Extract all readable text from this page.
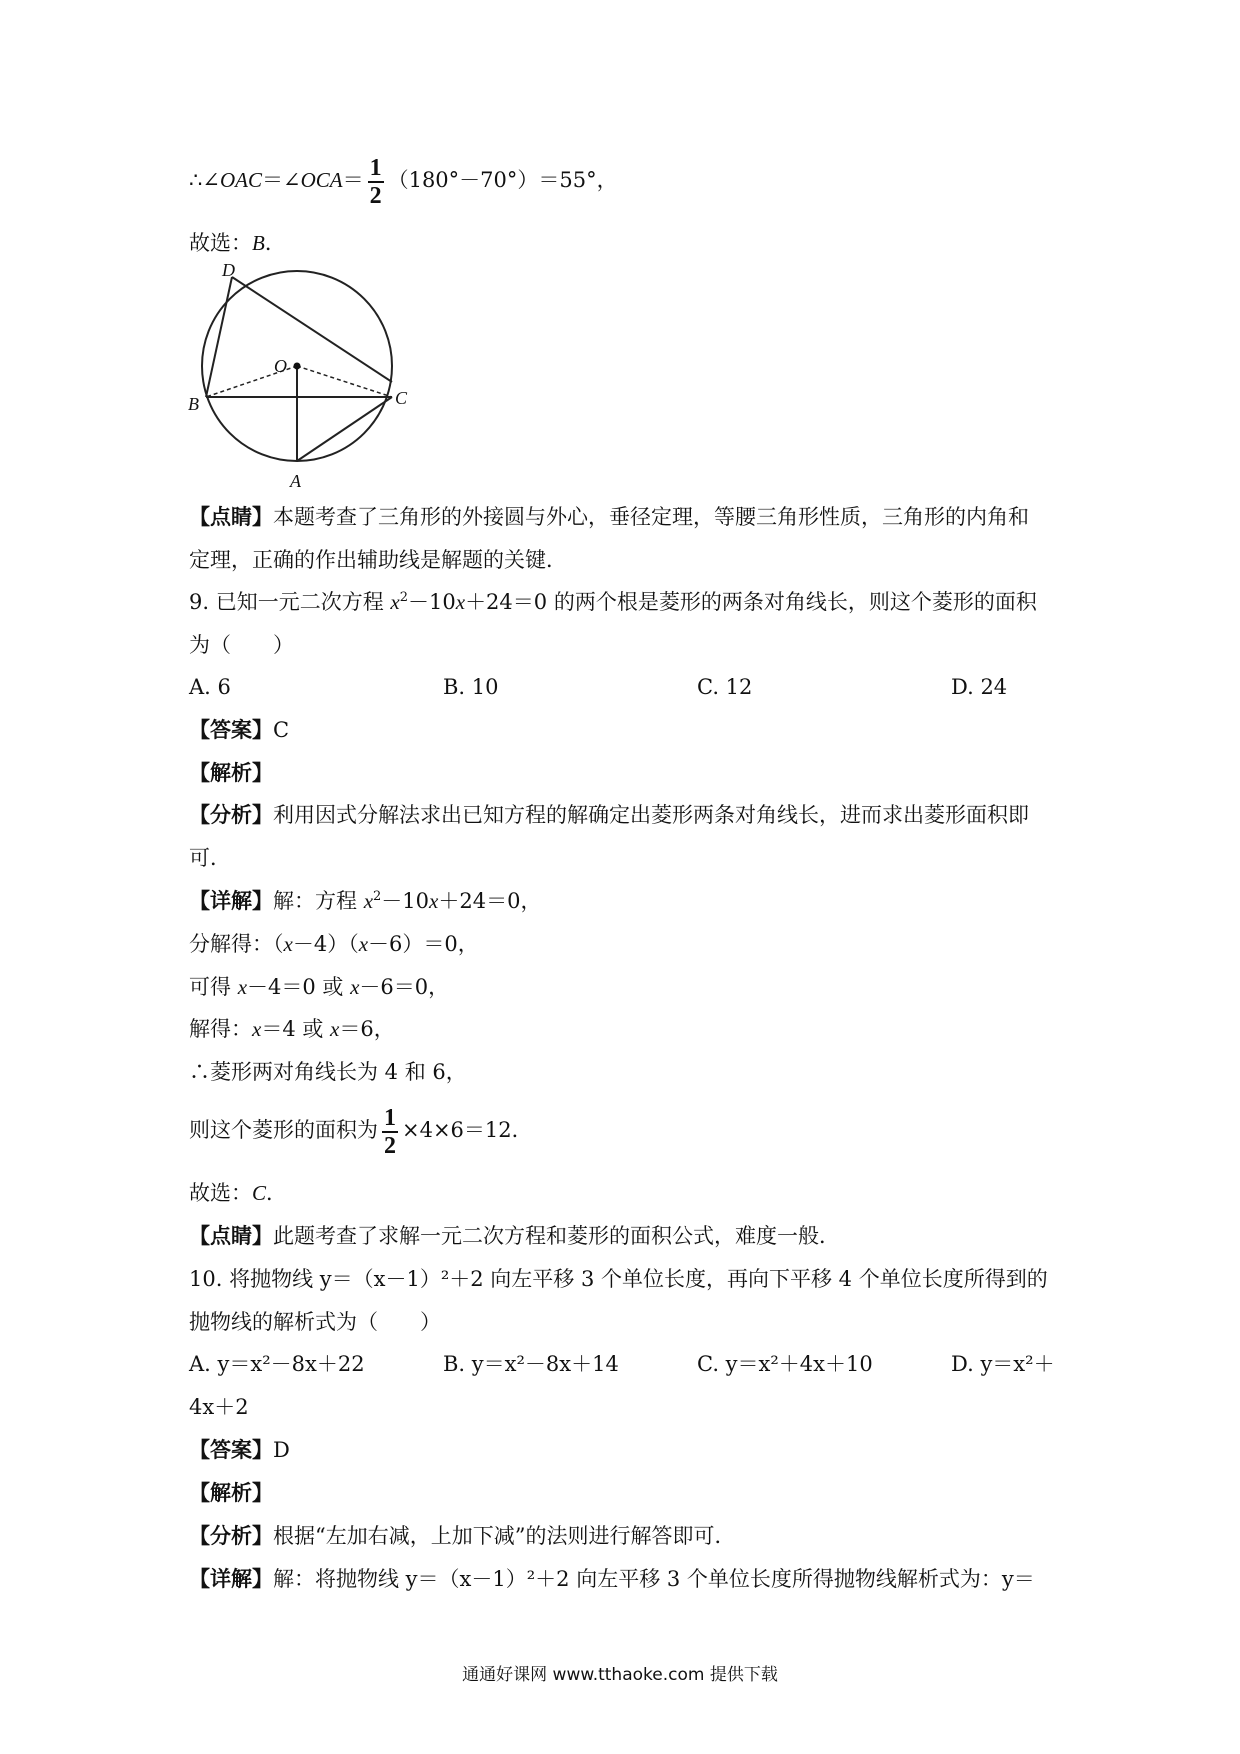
∴∠OAC＝∠OCA＝ $\frac{1}{2} (180^\circ-70^\circ)=55^\circ$，
故选：B．
D
O
B	C
A
【点睛】本题考查了三角形的外接圆与外心，垂径定理，等腰三角形性质，三角形的内角和
定理，正确的作出辅助线是解题的关键．
9. 已知一元二次方程 $x^2-10x+24=0$ 的两个根是菱形的两条对角线长，则这个菱形的面积
为（　　）
A. 6	B. 10	C. 12	D. 24
【答案】C
【解析】
【分析】利用因式分解法求出已知方程的解确定出菱形两条对角线长，进而求出菱形面积即
可．
【详解】解：方程 $x^2-10x+24=0$，
分解得：（x－4）（x－6）＝0，
可得 x－4＝0 或 x－6＝0，
解得：x＝4 或 x＝6，
∴菱形两对角线长为 4 和 6，
则这个菱形的面积为 $\frac{1}{2} \times 4\times 6=12$．
故选：C．
【点睛】此题考查了求解一元二次方程和菱形的面积公式，难度一般．
10. 将抛物线 y＝（x－1）²＋2 向左平移 3 个单位长度，再向下平移 4 个单位长度所得到的
抛物线的解析式为（　　）
A. y＝x²－8x＋22	B. y＝x²－8x＋14	C. y＝x²＋4x＋10	D. y＝x²＋
4x＋2
【答案】D
【解析】
【分析】根据“左加右减，上加下减”的法则进行解答即可．
【详解】解：将抛物线 y＝（x－1）²＋2 向左平移 3 个单位长度所得抛物线解析式为：y＝
通通好课网 www.tthaoke.com 提供下载
